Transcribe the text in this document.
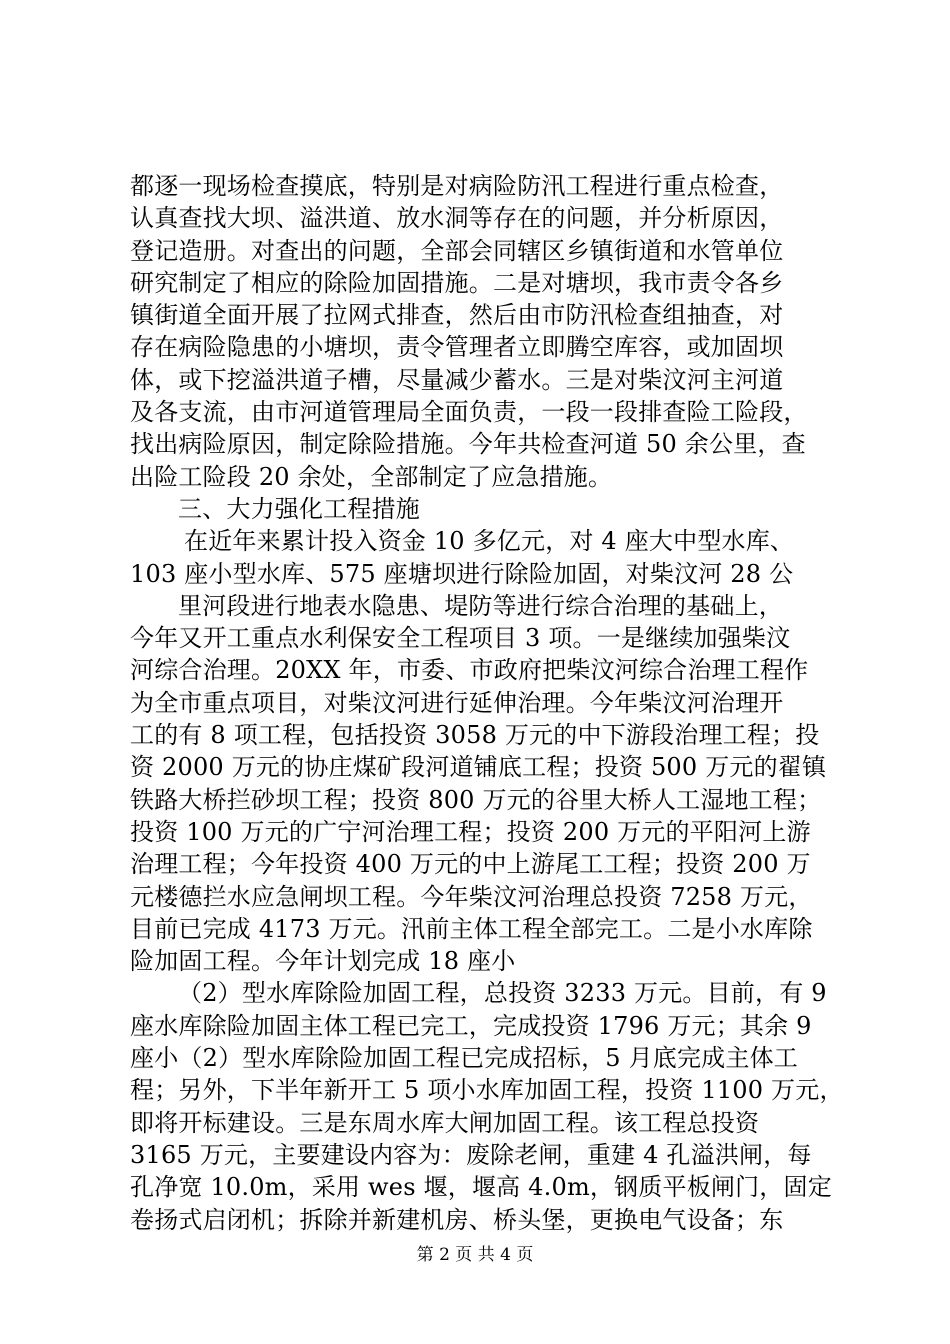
都逐一现场检查摸底，特别是对病险防汛工程进行重点检查，
认真查找大坝、溢洪道、放水洞等存在的问题，并分析原因，
登记造册。对查出的问题，全部会同辖区乡镇街道和水管单位
研究制定了相应的除险加固措施。二是对塘坝，我市责令各乡
镇街道全面开展了拉网式排查，然后由市防汛检查组抽查，对
存在病险隐患的小塘坝，责令管理者立即腾空库容，或加固坝
体，或下挖溢洪道子槽，尽量减少蓄水。三是对柴汶河主河道
及各支流，由市河道管理局全面负责，一段一段排查险工险段，
找出病险原因，制定除险措施。今年共检查河道 50 余公里，查
出险工险段 20 余处，全部制定了应急措施。
三、大力强化工程措施
在近年来累计投入资金 10 多亿元，对 4 座大中型水库、
103 座小型水库、575 座塘坝进行除险加固，对柴汶河 28 公
里河段进行地表水隐患、堤防等进行综合治理的基础上，
今年又开工重点水利保安全工程项目 3 项。一是继续加强柴汶
河综合治理。20XX 年，市委、市政府把柴汶河综合治理工程作
为全市重点项目，对柴汶河进行延伸治理。今年柴汶河治理开
工的有 8 项工程，包括投资 3058 万元的中下游段治理工程；投
资 2000 万元的协庄煤矿段河道铺底工程；投资 500 万元的翟镇
铁路大桥拦砂坝工程；投资 800 万元的谷里大桥人工湿地工程；
投资 100 万元的广宁河治理工程；投资 200 万元的平阳河上游
治理工程；今年投资 400 万元的中上游尾工工程；投资 200 万
元楼德拦水应急闸坝工程。今年柴汶河治理总投资 7258 万元，
目前已完成 4173 万元。汛前主体工程全部完工。二是小水库除
险加固工程。今年计划完成 18 座小
（2）型水库除险加固工程，总投资 3233 万元。目前，有 9
座水库除险加固主体工程已完工，完成投资 1796 万元；其余 9
座小（2）型水库除险加固工程已完成招标，5 月底完成主体工
程；另外，下半年新开工 5 项小水库加固工程，投资 1100 万元，
即将开标建设。三是东周水库大闸加固工程。该工程总投资
3165 万元，主要建设内容为：废除老闸，重建 4 孔溢洪闸，每
孔净宽 10.0m，采用 wes 堰，堰高 4.0m，钢质平板闸门，固定
卷扬式启闭机；拆除并新建机房、桥头堡，更换电气设备；东
第 2 页 共 4 页
